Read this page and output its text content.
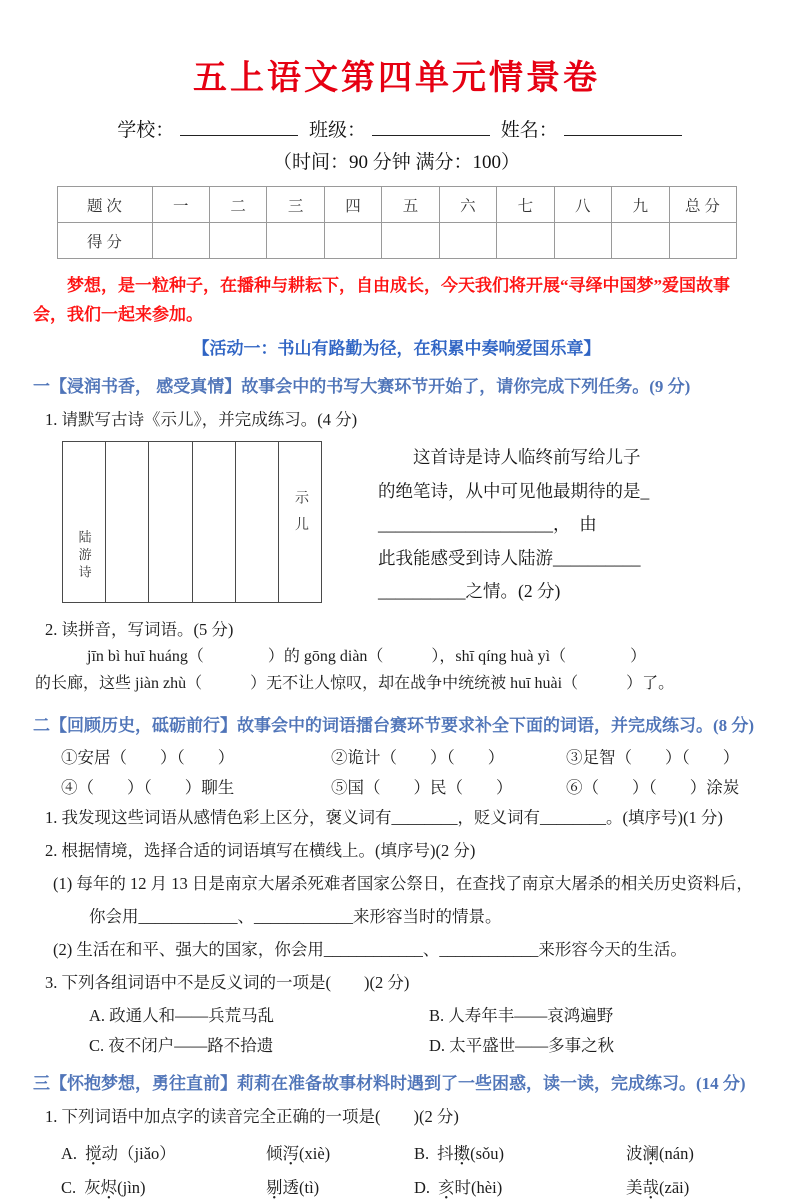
五上语文第四单元情景卷
学校：	班级：	姓名：
（时间：90 分钟 满分：100）
题 次	一	二	三	四	五	六	七	八	九	总 分
得 分										
梦想，是一粒种子，在播种与耕耘下，自由成长，今天我们将开展“寻绎中国梦”爱国故事会，我们一起来参加。
【活动一：书山有路勤为径，在积累中奏响爱国乐章】
一【浸润书香， 感受真情】故事会中的书写大赛环节开始了，请你完成下列任务。(9 分)
1. 请默写古诗《示儿》，并完成练习。(4 分)
陆游诗
示儿
这首诗是诗人临终前写给儿子
的绝笔诗，从中可见他最期待的是_
____________________，　由
此我能感受到诗人陆游__________
__________之情。(2 分)
2. 读拼音，写词语。(5 分)
jīn bì huī huáng（　　　　）的 gōng diàn（　　　），shī qíng huà yì（　　　　）
的长廊，这些 jiàn zhù（　　　）无不让人惊叹，却在战争中统统被 huī huài（　　　）了。
二【回顾历史，砥砺前行】故事会中的词语擂台赛环节要求补全下面的词语，并完成练习。(8 分)
①安居（　　）（　　）	②诡计（　　）（　　）	③足智（　　）（　　）
④（　　）（　　）聊生	⑤国（　　）民（　　）	⑥（　　）（　　）涂炭
1. 我发现这些词语从感情色彩上区分，褒义词有________，贬义词有________。(填序号)(1 分)
2. 根据情境，选择合适的词语填写在横线上。(填序号)(2 分)
(1) 每年的 12 月 13 日是南京大屠杀死难者国家公祭日，在查找了南京大屠杀的相关历史资料后，
你会用____________、____________来形容当时的情景。
(2) 生活在和平、强大的国家，你会用____________、____________来形容今天的生活。
3. 下列各组词语中不是反义词的一项是(　　)(2 分)
A. 政通人和——兵荒马乱	B. 人寿年丰——哀鸿遍野
C. 夜不闭户——路不拾遗	D. 太平盛世——多事之秋
三【怀抱梦想，勇往直前】莉莉在准备故事材料时遇到了一些困惑，读一读，完成练习。(14 分)
1. 下列词语中加点字的读音完全正确的一项是(　　)(2 分)
A. 搅动（jiǎo）	倾泻(xiè)	B. 抖擞(sǒu)	波澜(nán)
C. 灰烬(jìn)	剔透(tì)	D. 亥时(hèi)	美哉(zāi)
